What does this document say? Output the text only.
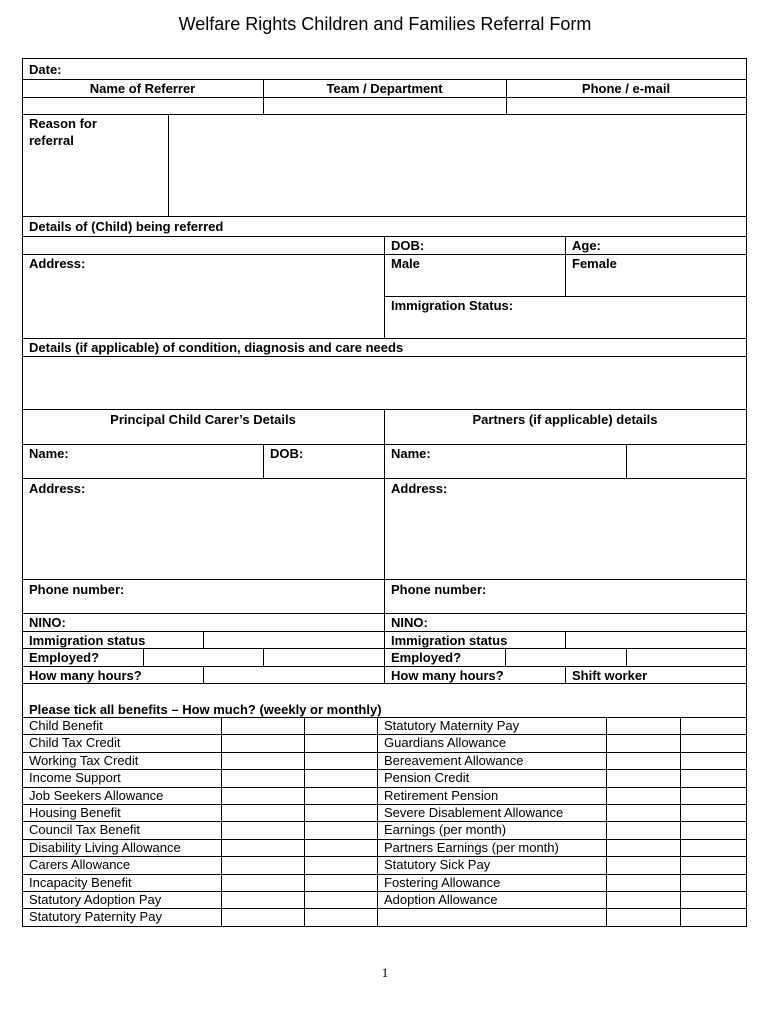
Welfare Rights Children and Families Referral Form
Date:
Name of Referrer	Team / Department	Phone / e-mail
Reason for
referral
Details of (Child) being referred
DOB:	Age:
Address:	Male	Female
Immigration Status:
Details (if applicable) of condition, diagnosis and care needs
Principal Child Carer’s Details	Partners (if applicable) details
Name:	DOB:	Name:
Address:	Address:
Phone number:	Phone number:
NINO:	NINO:
Immigration status	Immigration status
Employed?	Employed?
How many hours?	How many hours?	Shift worker
Please tick all benefits – How much? (weekly or monthly)
Child Benefit	Statutory Maternity Pay
Child Tax Credit	Guardians Allowance
Working Tax Credit	Bereavement Allowance
Income Support	Pension Credit
Job Seekers Allowance	Retirement Pension
Housing Benefit	Severe Disablement Allowance
Council Tax Benefit	Earnings (per month)
Disability Living Allowance	Partners Earnings (per month)
Carers Allowance	Statutory Sick Pay
Incapacity Benefit	Fostering Allowance
Statutory Adoption Pay	Adoption Allowance
Statutory Paternity Pay
1
